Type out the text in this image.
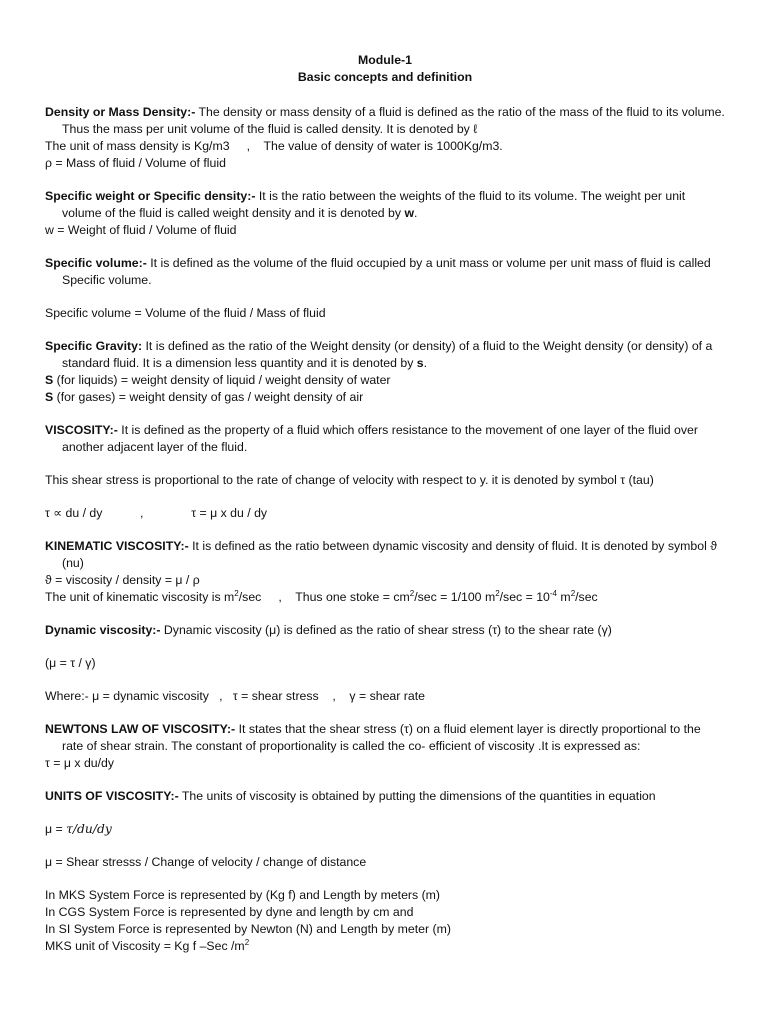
Module-1

Basic concepts and definition

Density or Mass Density:- The density or mass density of a fluid is defined as the ratio of the mass of the fluid to its volume. Thus the mass per unit volume of the fluid is called density. It is denoted by ℓ

The unit of mass density is Kg/m3     ,    The value of density of water is 1000Kg/m3.

ρ = Mass of fluid / Volume of fluid

Specific weight or Specific density:- It is the ratio between the weights of the fluid to its volume. The weight per unit volume of the fluid is called weight density and it is denoted by w.

w = Weight of fluid / Volume of fluid

Specific volume:- It is defined as the volume of the fluid occupied by a unit mass or volume per unit mass of fluid is called Specific volume.

Specific volume = Volume of the fluid / Mass of fluid

Specific Gravity: It is defined as the ratio of the Weight density (or density) of a fluid to the Weight density (or density) of a standard fluid. It is a dimension less quantity and it is denoted by s.

S (for liquids) = weight density of liquid / weight density of water

S (for gases) = weight density of gas / weight density of air

VISCOSITY:- It is defined as the property of a fluid which offers resistance to the movement of one layer of the fluid over another adjacent layer of the fluid.

This shear stress is proportional to the rate of change of velocity with respect to y. it is denoted by symbol τ (tau)

τ ∝ du / dy           ,              τ = μ x du / dy

KINEMATIC VISCOSITY:- It is defined as the ratio between dynamic viscosity and density of fluid. It is denoted by symbol ϑ (nu)

ϑ = viscosity / density = μ / ρ

The unit of kinematic viscosity is $m^2/\sec$     ,    Thus one stoke = $cm^2/\sec = 1/100$ $m^2/\sec = 10^{-4}$ $m^2/\sec$

Dynamic viscosity:- Dynamic viscosity (μ) is defined as the ratio of shear stress (τ) to the shear rate (γ)

(μ = τ / γ)

Where:- μ = dynamic viscosity   ,   τ = shear stress    ,    γ = shear rate

NEWTONS LAW OF VISCOSITY:- It states that the shear stress (τ) on a fluid element layer is directly proportional to the rate of shear strain. The constant of proportionality is called the co- efficient of viscosity .It is expressed as:

τ = μ x du/dy

UNITS OF VISCOSITY:- The units of viscosity is obtained by putting the dimensions of the quantities in equation

μ = τ/du/dy

μ = Shear stresss / Change of velocity / change of distance

In MKS System Force is represented by (Kg f) and Length by meters (m)

In CGS System Force is represented by dyne and length by cm and

In SI System Force is represented by Newton (N) and Length by meter (m)

MKS unit of Viscosity = Kg f –Sec $/m^2$
